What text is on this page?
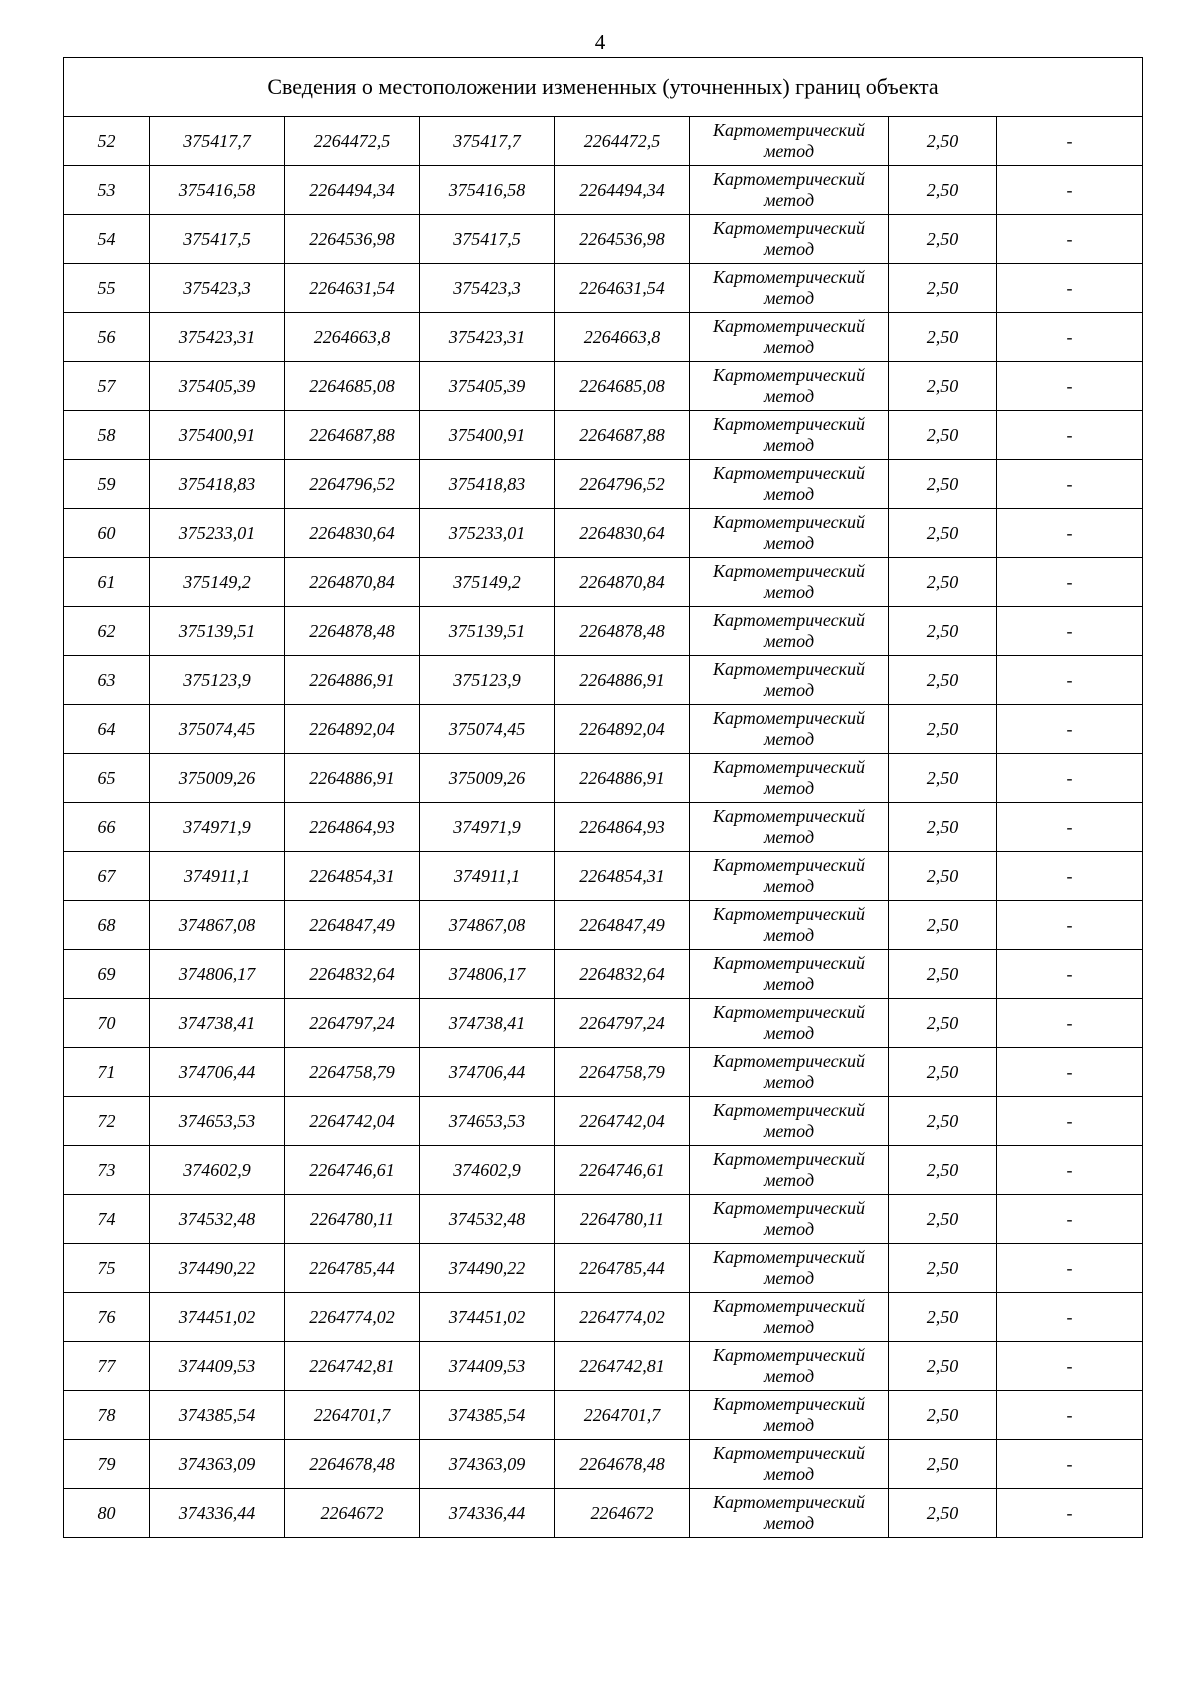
4
Сведения о местоположении измененных (уточненных) границ объекта							
52	375417,7	2264472,5	375417,7	2264472,5	Картометрический
метод	2,50	-
53	375416,58	2264494,34	375416,58	2264494,34	Картометрический
метод	2,50	-
54	375417,5	2264536,98	375417,5	2264536,98	Картометрический
метод	2,50	-
55	375423,3	2264631,54	375423,3	2264631,54	Картометрический
метод	2,50	-
56	375423,31	2264663,8	375423,31	2264663,8	Картометрический
метод	2,50	-
57	375405,39	2264685,08	375405,39	2264685,08	Картометрический
метод	2,50	-
58	375400,91	2264687,88	375400,91	2264687,88	Картометрический
метод	2,50	-
59	375418,83	2264796,52	375418,83	2264796,52	Картометрический
метод	2,50	-
60	375233,01	2264830,64	375233,01	2264830,64	Картометрический
метод	2,50	-
61	375149,2	2264870,84	375149,2	2264870,84	Картометрический
метод	2,50	-
62	375139,51	2264878,48	375139,51	2264878,48	Картометрический
метод	2,50	-
63	375123,9	2264886,91	375123,9	2264886,91	Картометрический
метод	2,50	-
64	375074,45	2264892,04	375074,45	2264892,04	Картометрический
метод	2,50	-
65	375009,26	2264886,91	375009,26	2264886,91	Картометрический
метод	2,50	-
66	374971,9	2264864,93	374971,9	2264864,93	Картометрический
метод	2,50	-
67	374911,1	2264854,31	374911,1	2264854,31	Картометрический
метод	2,50	-
68	374867,08	2264847,49	374867,08	2264847,49	Картометрический
метод	2,50	-
69	374806,17	2264832,64	374806,17	2264832,64	Картометрический
метод	2,50	-
70	374738,41	2264797,24	374738,41	2264797,24	Картометрический
метод	2,50	-
71	374706,44	2264758,79	374706,44	2264758,79	Картометрический
метод	2,50	-
72	374653,53	2264742,04	374653,53	2264742,04	Картометрический
метод	2,50	-
73	374602,9	2264746,61	374602,9	2264746,61	Картометрический
метод	2,50	-
74	374532,48	2264780,11	374532,48	2264780,11	Картометрический
метод	2,50	-
75	374490,22	2264785,44	374490,22	2264785,44	Картометрический
метод	2,50	-
76	374451,02	2264774,02	374451,02	2264774,02	Картометрический
метод	2,50	-
77	374409,53	2264742,81	374409,53	2264742,81	Картометрический
метод	2,50	-
78	374385,54	2264701,7	374385,54	2264701,7	Картометрический
метод	2,50	-
79	374363,09	2264678,48	374363,09	2264678,48	Картометрический
метод	2,50	-
80	374336,44	2264672	374336,44	2264672	Картометрический
метод	2,50	-
